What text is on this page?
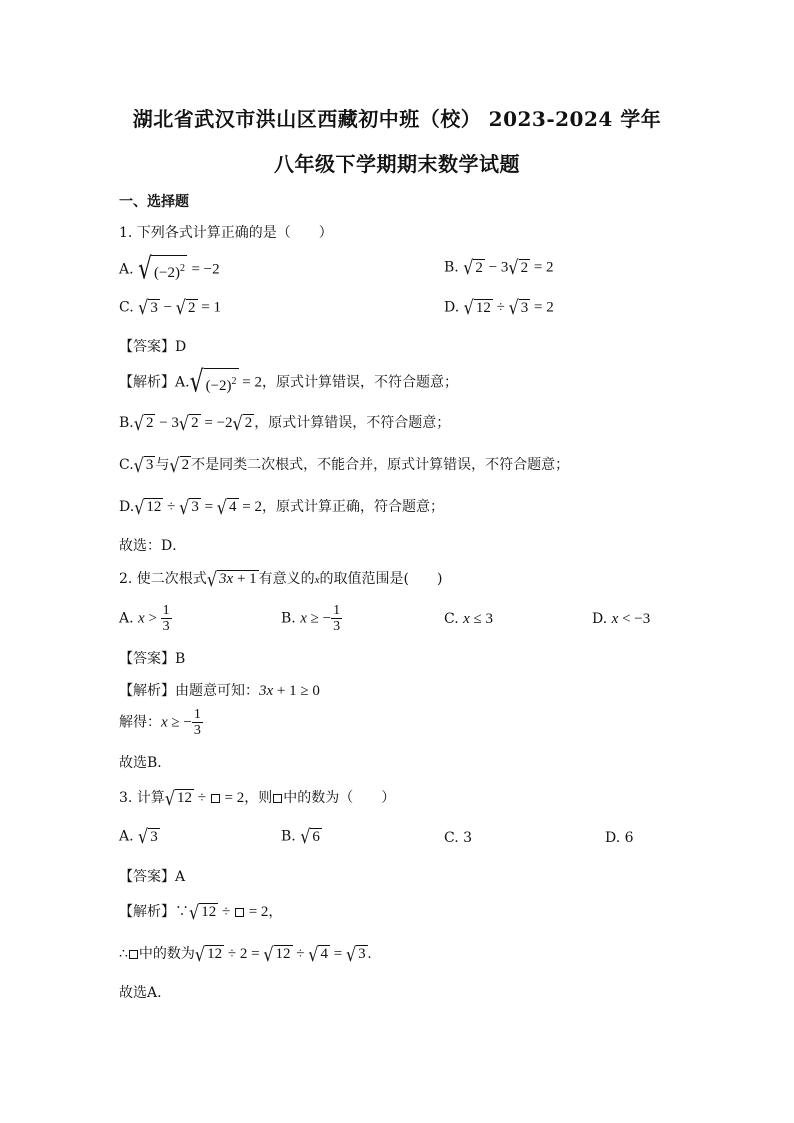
湖北省武汉市洪山区西藏初中班（校） 2023-2024 学年
八年级下学期期末数学试题
一、选择题
1. 下列各式计算正确的是（　　）
A. √ $(-2)^2 = -2$	B. √ 2 − 3√ 2 = 2
C. √ 3 − √ 2 = 1	D. √ 12 ÷ √ 3 = 2
【答案】D
【解析】A.√ $(-2)^2 = 2$，原式计算错误，不符合题意；
B.√ 2 − 3√ 2 = −2√ 2 ，原式计算错误，不符合题意；
C.√ 3 与√ 2 不是同类二次根式，不能合并，原式计算错误，不符合题意；
D.√ 12 ÷ √ 3 = √ 4 = 2，原式计算正确，符合题意；
故选：D．
2. 使二次根式√ 3x + 1 有意义的x的取值范围是(　　)
A. $x > \frac{1}{3}$	B. x ≥ − $\frac{1}{3}$	C. x ≤ 3	D. x < −3
【答案】B
【解析】由题意可知：3x + 1 ≥ 0
解得：x ≥ − $\frac{1}{3}$
故选B．
3. 计算√ 12 ÷  = 2，则 中的数为（　　）
A. √ 3	B. √ 6	C. 3	D. 6
【答案】A
【解析】∵√ 12 ÷  = 2，
∴ 中的数为√ 12 ÷ 2 = √ 12 ÷ √ 4 = √ 3 .
故选A.
